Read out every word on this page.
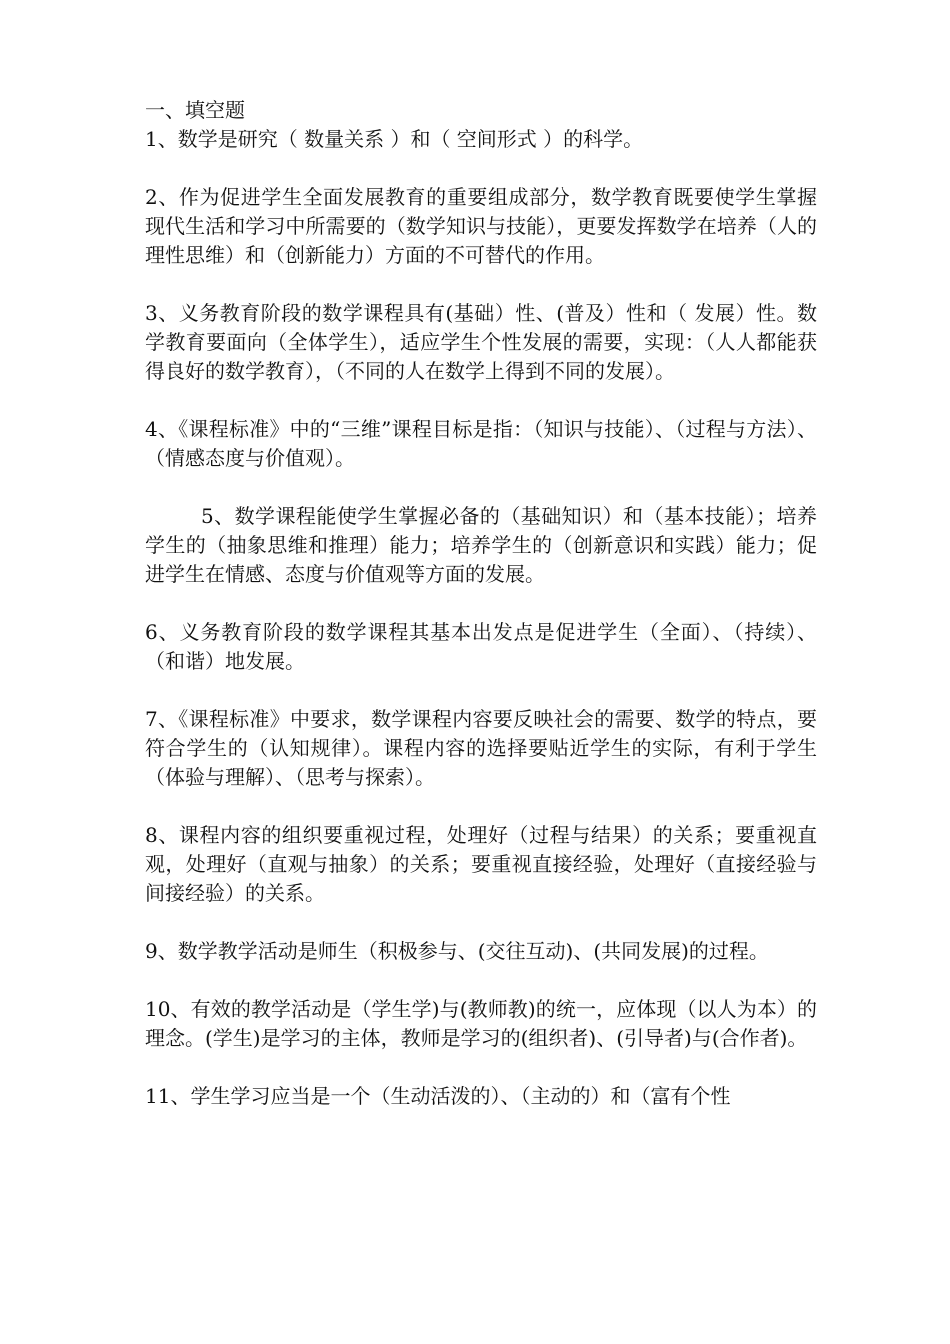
一、填空题

1、数学是研究（ 数量关系 ）和（ 空间形式 ）的科学。

2、作为促进学生全面发展教育的重要组成部分，数学教育既要使学生掌握现代生活和学习中所需要的（数学知识与技能），更要发挥数学在培养（人的理性思维）和（创新能力）方面的不可替代的作用。

3、义务教育阶段的数学课程具有(基础）性、(普及）性和（ 发展）性。数学教育要面向（全体学生），适应学生个性发展的需要，实现：（人人都能获得良好的数学教育），（不同的人在数学上得到不同的发展）。

4、《课程标准》中的“三维”课程目标是指：（知识与技能）、（过程与方法）、（情感态度与价值观）。

5、数学课程能使学生掌握必备的（基础知识）和（基本技能）；培养学生的（抽象思维和推理）能力；培养学生的（创新意识和实践）能力；促进学生在情感、态度与价值观等方面的发展。

6、义务教育阶段的数学课程其基本出发点是促进学生（全面）、（持续）、（和谐）地发展。

7、《课程标准》中要求，数学课程内容要反映社会的需要、数学的特点，要符合学生的（认知规律）。课程内容的选择要贴近学生的实际，有利于学生（体验与理解）、（思考与探索）。

8、课程内容的组织要重视过程，处理好（过程与结果）的关系；要重视直观，处理好（直观与抽象）的关系；要重视直接经验，处理好（直接经验与间接经验）的关系。

9、数学教学活动是师生（积极参与、(交往互动)、(共同发展)的过程。

10、有效的教学活动是（学生学)与(教师教)的统一，应体现（以人为本）的理念。(学生)是学习的主体，教师是学习的(组织者)、(引导者)与(合作者)。

11、学生学习应当是一个（生动活泼的）、（主动的）和（富有个性
